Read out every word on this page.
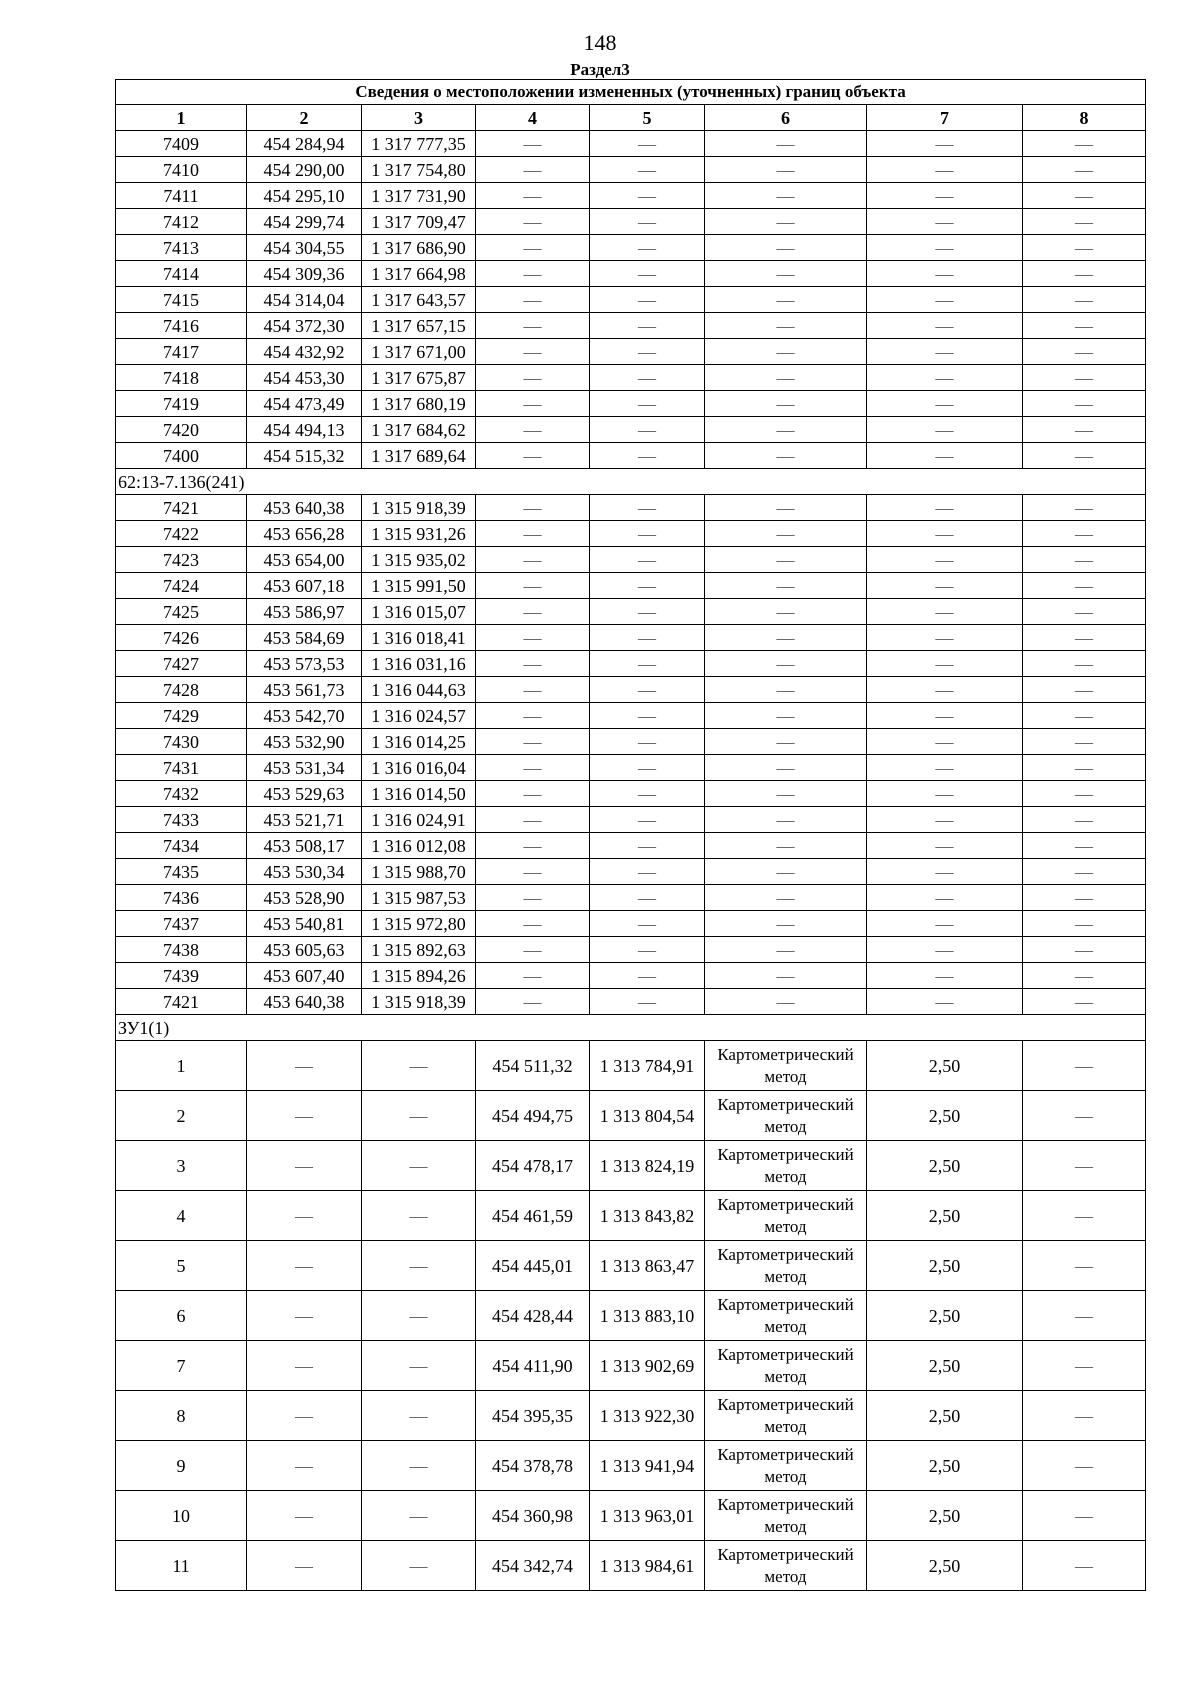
148
Раздел3
Сведения о местоположении измененных (уточненных) границ объекта							
1	2	3	4	5	6	7	8
7409	454 284,94	1 317 777,35	—	—	—	—	—
7410	454 290,00	1 317 754,80	—	—	—	—	—
7411	454 295,10	1 317 731,90	—	—	—	—	—
7412	454 299,74	1 317 709,47	—	—	—	—	—
7413	454 304,55	1 317 686,90	—	—	—	—	—
7414	454 309,36	1 317 664,98	—	—	—	—	—
7415	454 314,04	1 317 643,57	—	—	—	—	—
7416	454 372,30	1 317 657,15	—	—	—	—	—
7417	454 432,92	1 317 671,00	—	—	—	—	—
7418	454 453,30	1 317 675,87	—	—	—	—	—
7419	454 473,49	1 317 680,19	—	—	—	—	—
7420	454 494,13	1 317 684,62	—	—	—	—	—
7400	454 515,32	1 317 689,64	—	—	—	—	—
62:13-7.136(241)							
7421	453 640,38	1 315 918,39	—	—	—	—	—
7422	453 656,28	1 315 931,26	—	—	—	—	—
7423	453 654,00	1 315 935,02	—	—	—	—	—
7424	453 607,18	1 315 991,50	—	—	—	—	—
7425	453 586,97	1 316 015,07	—	—	—	—	—
7426	453 584,69	1 316 018,41	—	—	—	—	—
7427	453 573,53	1 316 031,16	—	—	—	—	—
7428	453 561,73	1 316 044,63	—	—	—	—	—
7429	453 542,70	1 316 024,57	—	—	—	—	—
7430	453 532,90	1 316 014,25	—	—	—	—	—
7431	453 531,34	1 316 016,04	—	—	—	—	—
7432	453 529,63	1 316 014,50	—	—	—	—	—
7433	453 521,71	1 316 024,91	—	—	—	—	—
7434	453 508,17	1 316 012,08	—	—	—	—	—
7435	453 530,34	1 315 988,70	—	—	—	—	—
7436	453 528,90	1 315 987,53	—	—	—	—	—
7437	453 540,81	1 315 972,80	—	—	—	—	—
7438	453 605,63	1 315 892,63	—	—	—	—	—
7439	453 607,40	1 315 894,26	—	—	—	—	—
7421	453 640,38	1 315 918,39	—	—	—	—	—
ЗУ1(1)							
1	—	—	454 511,32	1 313 784,91	Картометрический метод	2,50	—
2	—	—	454 494,75	1 313 804,54	Картометрический метод	2,50	—
3	—	—	454 478,17	1 313 824,19	Картометрический метод	2,50	—
4	—	—	454 461,59	1 313 843,82	Картометрический метод	2,50	—
5	—	—	454 445,01	1 313 863,47	Картометрический метод	2,50	—
6	—	—	454 428,44	1 313 883,10	Картометрический метод	2,50	—
7	—	—	454 411,90	1 313 902,69	Картометрический метод	2,50	—
8	—	—	454 395,35	1 313 922,30	Картометрический метод	2,50	—
9	—	—	454 378,78	1 313 941,94	Картометрический метод	2,50	—
10	—	—	454 360,98	1 313 963,01	Картометрический метод	2,50	—
11	—	—	454 342,74	1 313 984,61	Картометрический метод	2,50	—
